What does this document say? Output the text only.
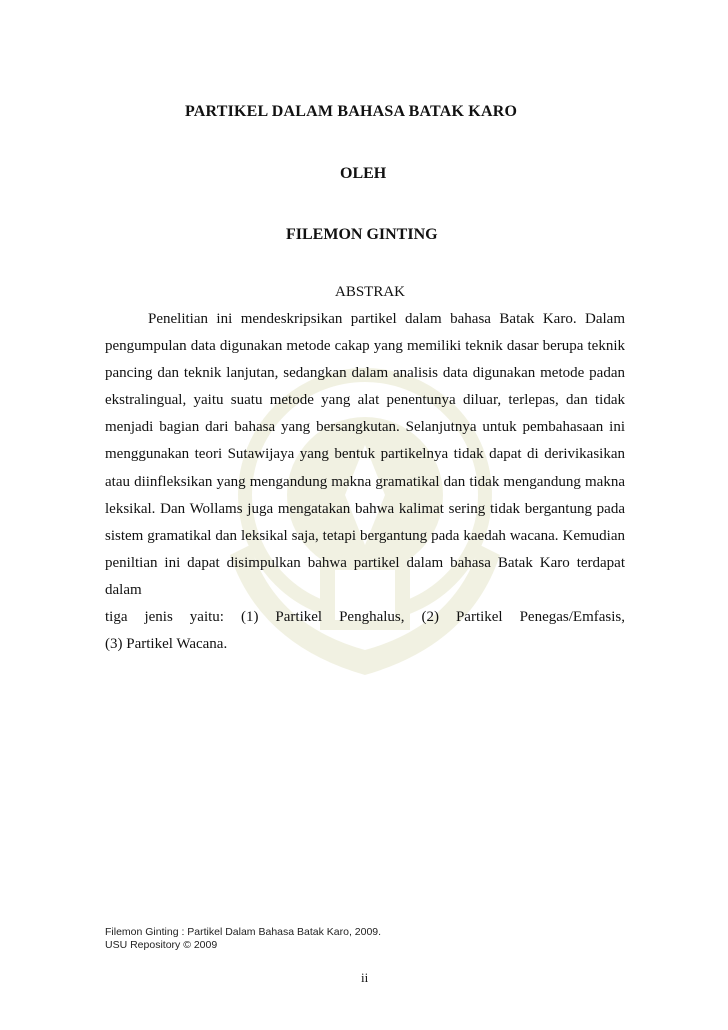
PARTIKEL DALAM BAHASA BATAK KARO
OLEH
FILEMON GINTING
ABSTRAK
Penelitian ini mendeskripsikan partikel dalam bahasa Batak Karo. Dalam
pengumpulan data digunakan metode cakap yang memiliki teknik dasar berupa teknik
pancing dan teknik lanjutan, sedangkan dalam analisis data digunakan metode padan
ekstralingual, yaitu suatu metode yang alat penentunya diluar, terlepas, dan tidak
menjadi bagian dari bahasa yang bersangkutan. Selanjutnya untuk pembahasaan ini
menggunakan teori Sutawijaya yang bentuk partikelnya tidak dapat di derivikasikan
atau diinfleksikan yang mengandung makna gramatikal dan tidak mengandung makna
leksikal. Dan Wollams juga mengatakan bahwa kalimat sering tidak bergantung pada
sistem gramatikal dan leksikal saja, tetapi bergantung pada kaedah wacana. Kemudian
peniltian ini dapat disimpulkan bahwa partikel dalam bahasa Batak Karo terdapat dalam
tiga jenis yaitu: (1) Partikel Penghalus, (2) Partikel Penegas/Emfasis,
(3) Partikel Wacana.
Filemon Ginting : Partikel Dalam Bahasa Batak Karo, 2009.
USU Repository © 2009
ii
